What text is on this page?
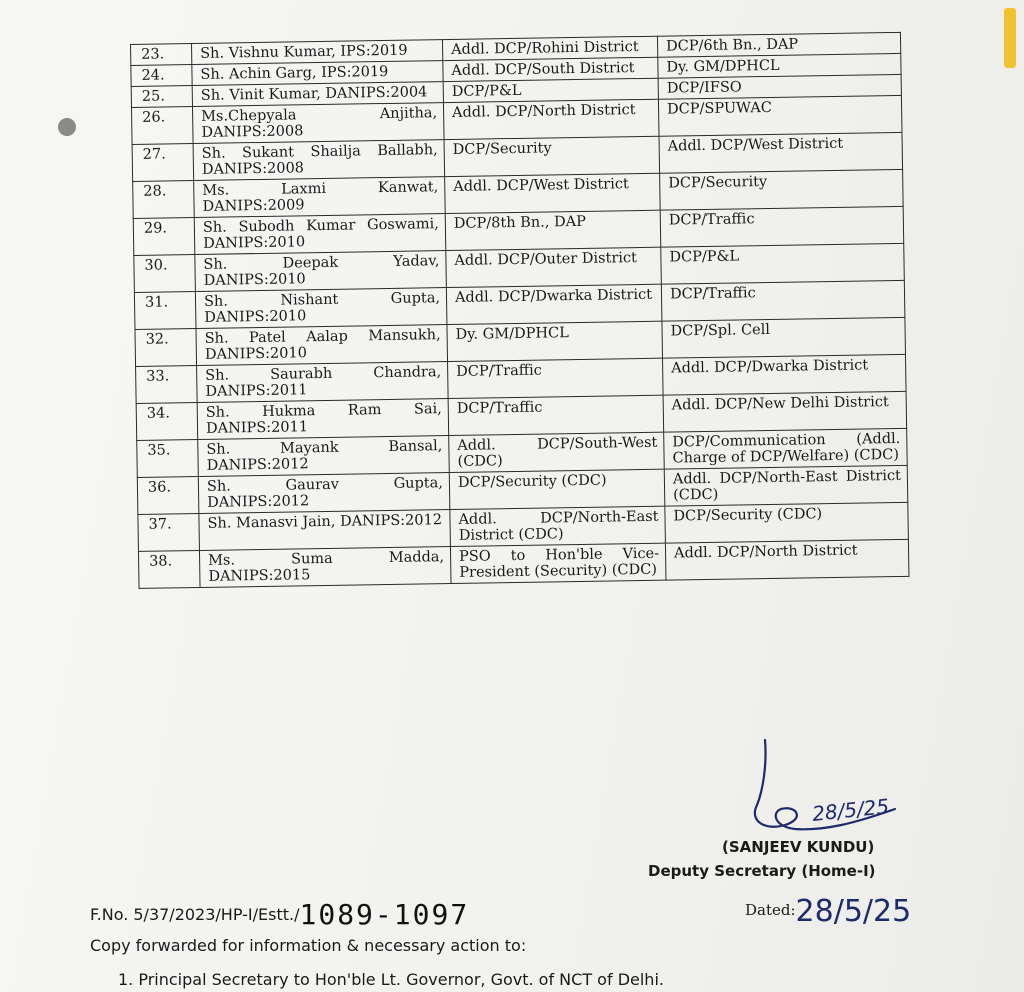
23.	Sh. Vishnu Kumar, IPS:2019	Addl. DCP/Rohini District	DCP/6th Bn., DAP
24.	Sh. Achin Garg, IPS:2019	Addl. DCP/South District	Dy. GM/DPHCL
25.	Sh. Vinit Kumar, DANIPS:2004	DCP/P&L	DCP/IFSO
26.	Ms.Chepyala Anjitha, DANIPS:2008	Addl. DCP/North District	DCP/SPUWAC
27.	Sh. Sukant Shailja Ballabh, DANIPS:2008	DCP/Security	Addl. DCP/West District
28.	Ms. Laxmi Kanwat, DANIPS:2009	Addl. DCP/West District	DCP/Security
29.	Sh. Subodh Kumar Goswami, DANIPS:2010	DCP/8th Bn., DAP	DCP/Traffic
30.	Sh. Deepak Yadav, DANIPS:2010	Addl. DCP/Outer District	DCP/P&L
31.	Sh. Nishant Gupta, DANIPS:2010	Addl. DCP/Dwarka District	DCP/Traffic
32.	Sh. Patel Aalap Mansukh, DANIPS:2010	Dy. GM/DPHCL	DCP/Spl. Cell
33.	Sh. Saurabh Chandra, DANIPS:2011	DCP/Traffic	Addl. DCP/Dwarka District
34.	Sh. Hukma Ram Sai, DANIPS:2011	DCP/Traffic	Addl. DCP/New Delhi District
35.	Sh. Mayank Bansal, DANIPS:2012	Addl. DCP/South-West (CDC)	DCP/Communication (Addl. Charge of DCP/Welfare) (CDC)
36.	Sh. Gaurav Gupta, DANIPS:2012	DCP/Security (CDC)	Addl. DCP/North-East District (CDC)
37.	Sh. Manasvi Jain, DANIPS:2012	Addl. DCP/North-East District (CDC)	DCP/Security (CDC)
38.	Ms. Suma Madda, DANIPS:2015	PSO to Hon'ble Vice-President (Security) (CDC)	Addl. DCP/North District
28/5/25
(SANJEEV KUNDU)
Deputy Secretary (Home-I)
F.No. 5/37/2023/HP-I/Estt./1089-1097	Dated:28/5/25
Copy forwarded for information & necessary action to:
1. Principal Secretary to Hon'ble Lt. Governor, Govt. of NCT of Delhi.
